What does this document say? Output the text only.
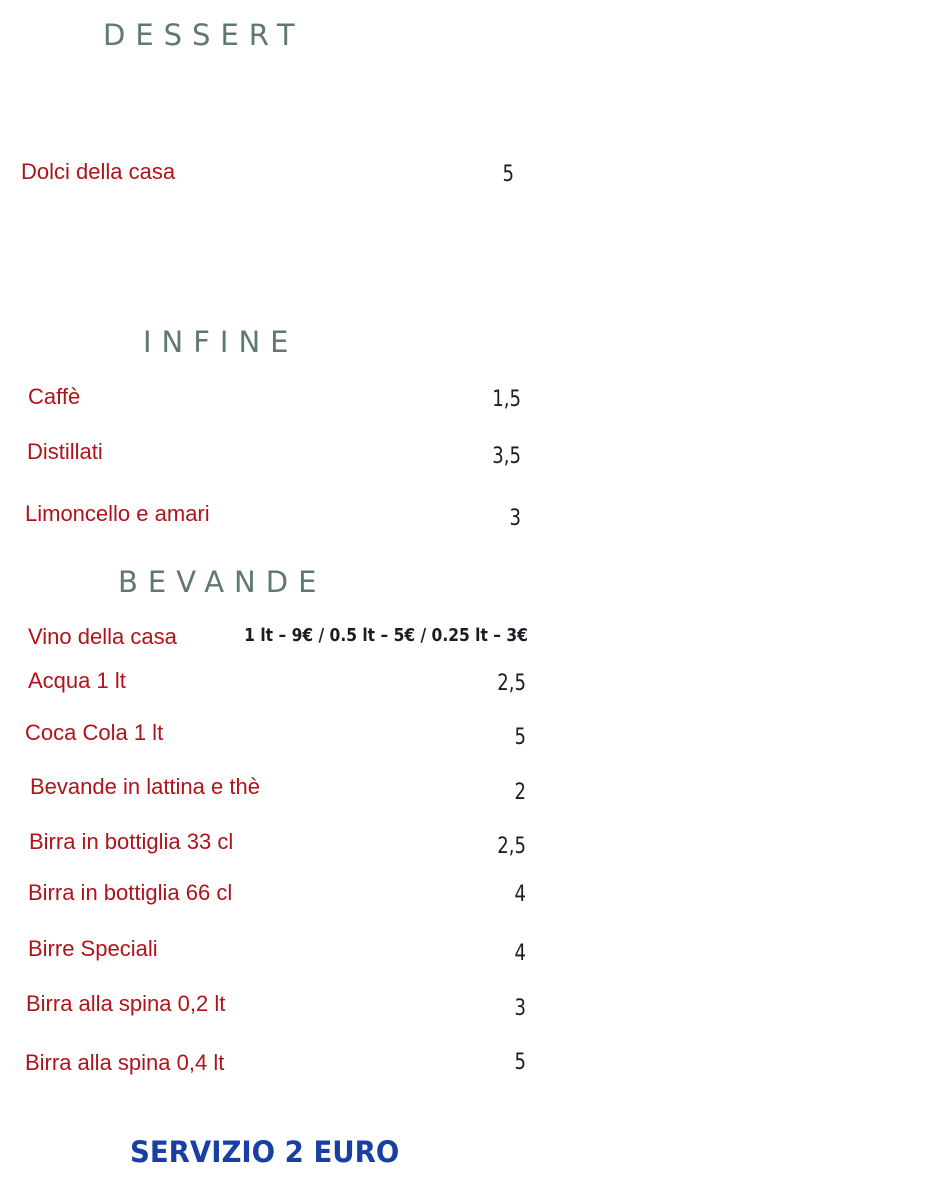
DESSERT
Dolci della casa	5
INFINE
Caffè	1,5
Distillati	3,5
Limoncello e amari	3
BEVANDE
Vino della casa	1 lt – 9€ / 0.5 lt – 5€ / 0.25 lt – 3€
Acqua 1 lt	2,5
Coca Cola 1 lt	5
Bevande in lattina e thè	2
Birra in bottiglia 33 cl	2,5
Birra in bottiglia 66 cl	4
Birre Speciali	4
Birra alla spina 0,2 lt	3
Birra alla spina 0,4 lt	5
SERVIZIO 2 EURO
